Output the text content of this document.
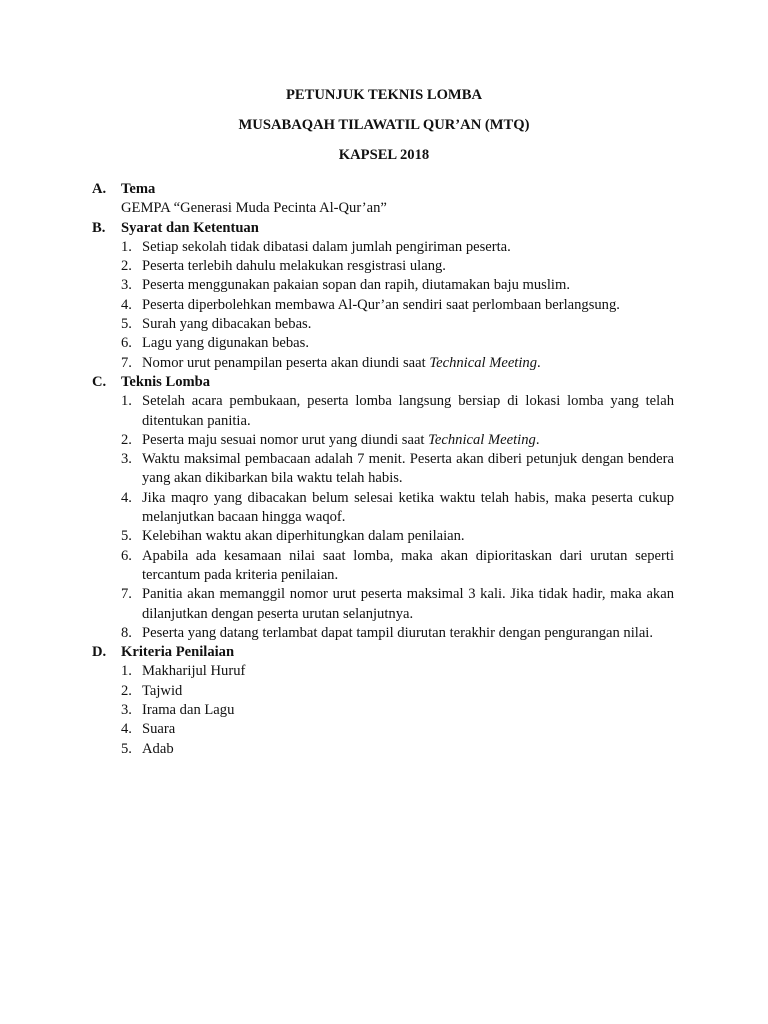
PETUNJUK TEKNIS LOMBA
MUSABAQAH TILAWATIL QUR’AN (MTQ)
KAPSEL 2018
A.	Tema
GEMPA “Generasi Muda Pecinta Al-Qur’an”
B.	Syarat dan Ketentuan
1. Setiap sekolah tidak dibatasi dalam jumlah pengiriman peserta.
2. Peserta terlebih dahulu melakukan resgistrasi ulang.
3. Peserta menggunakan pakaian sopan dan rapih, diutamakan baju muslim.
4. Peserta diperbolehkan membawa Al-Qur’an sendiri saat perlombaan berlangsung.
5. Surah yang dibacakan bebas.
6. Lagu yang digunakan bebas.
7. Nomor urut penampilan peserta akan diundi saat Technical Meeting.
C.	Teknis Lomba
1. Setelah acara pembukaan, peserta lomba langsung bersiap di lokasi lomba yang telah ditentukan panitia.
2. Peserta maju sesuai nomor urut yang diundi saat Technical Meeting.
3. Waktu maksimal pembacaan adalah 7 menit. Peserta akan diberi petunjuk dengan bendera yang akan dikibarkan bila waktu telah habis.
4. Jika maqro yang dibacakan belum selesai ketika waktu telah habis, maka peserta cukup melanjutkan bacaan hingga waqof.
5. Kelebihan waktu akan diperhitungkan dalam penilaian.
6. Apabila ada kesamaan nilai saat lomba, maka akan dipioritaskan dari urutan seperti tercantum pada kriteria penilaian.
7. Panitia akan memanggil nomor urut peserta maksimal 3 kali. Jika tidak hadir, maka akan dilanjutkan dengan peserta urutan selanjutnya.
8. Peserta yang datang terlambat dapat tampil diurutan terakhir dengan pengurangan nilai.
D.	Kriteria Penilaian
1. Makharijul Huruf
2. Tajwid
3. Irama dan Lagu
4. Suara
5. Adab
